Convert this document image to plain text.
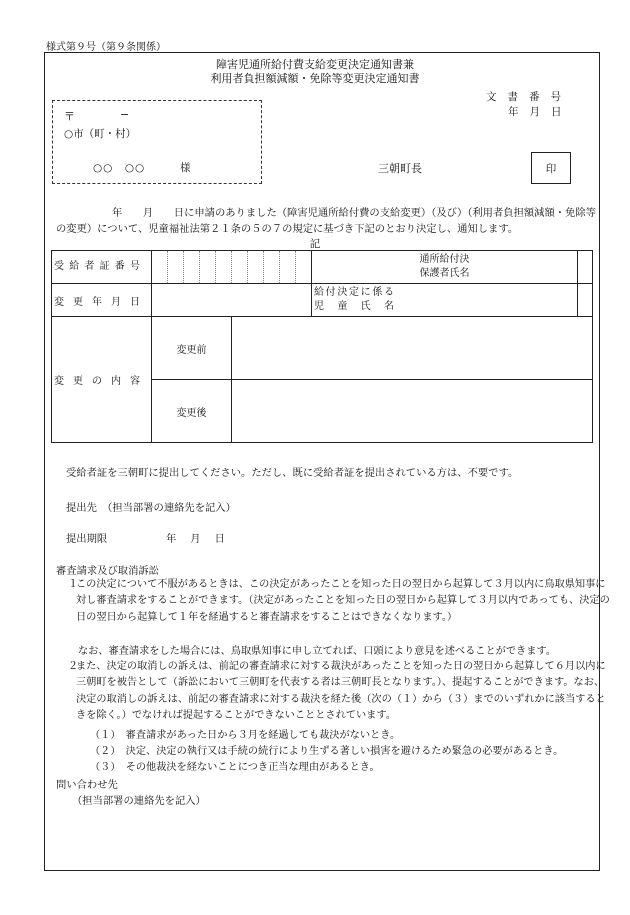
様式第９号（第９条関係）
障害児通所給付費支給変更決定通知書兼
利用者負担額減額・免除等変更決定通知書
文書番号
年月日
〒	−
○市（町・村）
○○　○○	様	三朝町長	印
年　　月　　日に申請のありました（障害児通所給付費の支給変更）（及び）（利用者負担額減額・免除等の変更）について、児童福祉法第２１条の５の７の規定に基づき下記のとおり決定し、通知します。
記
受給者証番号											通所給付決
保護者氏名	

変更年月日											給付決定に係る
児童氏名	

変更の内容	変更前											
	変更後											
受給者証を三朝町に提出してください。ただし、既に受給者証を提出されている方は、不要です。
提出先　（担当部署の連絡先を記入）
提出期限	年月日
審査請求及び取消訴訟
１
この決定について不服があるときは、この決定があったことを知った日の翌日から起算して３月以内に鳥取県知事に対し審査請求をすることができます。（決定があったことを知った日の翌日から起算して３月以内であっても、決定の日の翌日から起算して１年を経過すると審査請求をすることはできなくなります。）
なお、審査請求をした場合には、鳥取県知事に申し立てれば、口頭により意見を述べることができます。
２
また、決定の取消しの訴えは、前記の審査請求に対する裁決があったことを知った日の翌日から起算して６月以内に三朝町を被告として（訴訟において三朝町を代表する者は三朝町長となります。）、提起することができます。なお、決定の取消しの訴えは、前記の審査請求に対する裁決を経た後（次の（１）から（３）までのいずれかに該当するときを除く。）でなければ提起することができないこととされています。
（１）　審査請求があった日から３月を経過しても裁決がないとき。
（２）　決定、決定の執行又は手続の続行により生ずる著しい損害を避けるため緊急の必要があるとき。
（３）　その他裁決を経ないことにつき正当な理由があるとき。
問い合わせ先
（担当部署の連絡先を記入）
